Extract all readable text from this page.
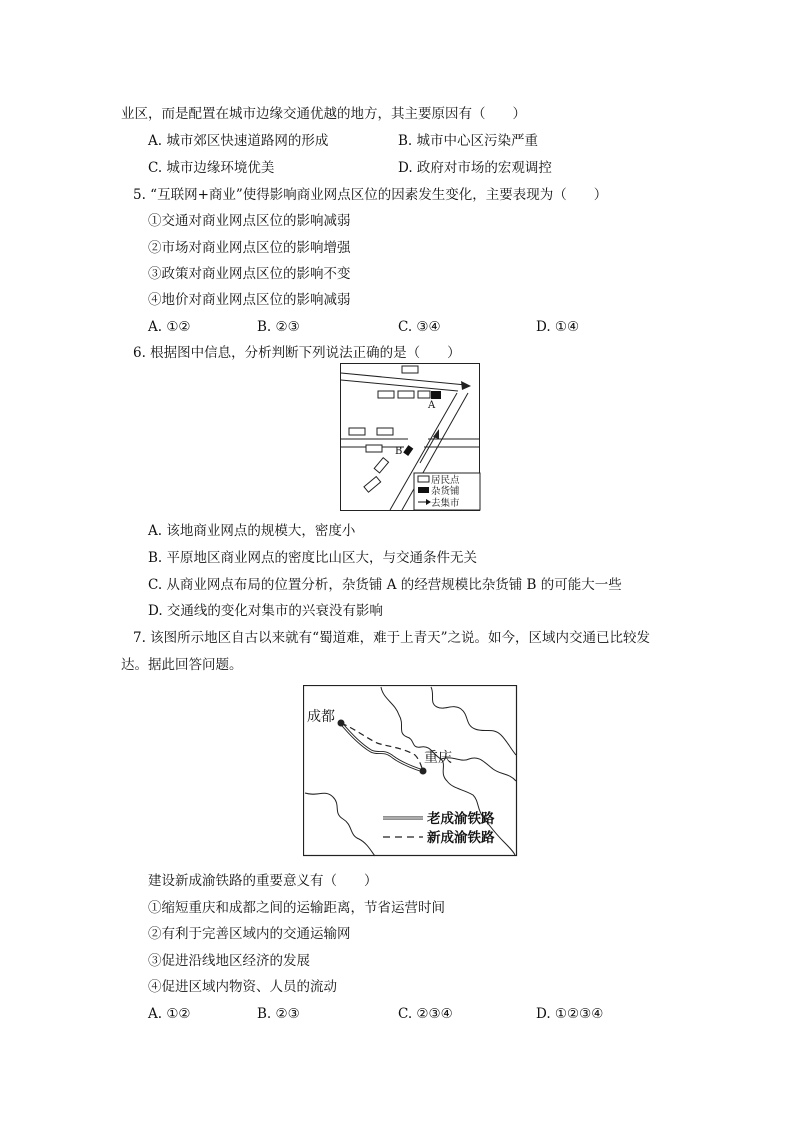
业区，而是配置在城市边缘交通优越的地方，其主要原因有（　　）
A. 城市郊区快速道路网的形成	B. 城市中心区污染严重
C. 城市边缘环境优美	D. 政府对市场的宏观调控
5. “互联网+商业”使得影响商业网点区位的因素发生变化，主要表现为（　　）
①交通对商业网点区位的影响减弱
②市场对商业网点区位的影响增强
③政策对商业网点区位的影响不变
④地价对商业网点区位的影响减弱
A. ①②	B. ②③	C. ③④	D. ①④
6. 根据图中信息，分析判断下列说法正确的是（　　）
A
B
居民点
杂货铺
去集市
A. 该地商业网点的规模大，密度小
B. 平原地区商业网点的密度比山区大，与交通条件无关
C. 从商业网点布局的位置分析，杂货铺 A 的经营规模比杂货铺 B 的可能大一些
D. 交通线的变化对集市的兴衰没有影响
7. 该图所示地区自古以来就有“蜀道难，难于上青天”之说。如今，区域内交通已比较发
达。据此回答问题。
成都
重庆
老成渝铁路
新成渝铁路
建设新成渝铁路的重要意义有（　　）
①缩短重庆和成都之间的运输距离，节省运营时间
②有利于完善区域内的交通运输网
③促进沿线地区经济的发展
④促进区域内物资、人员的流动
A. ①②	B. ②③	C. ②③④	D. ①②③④
